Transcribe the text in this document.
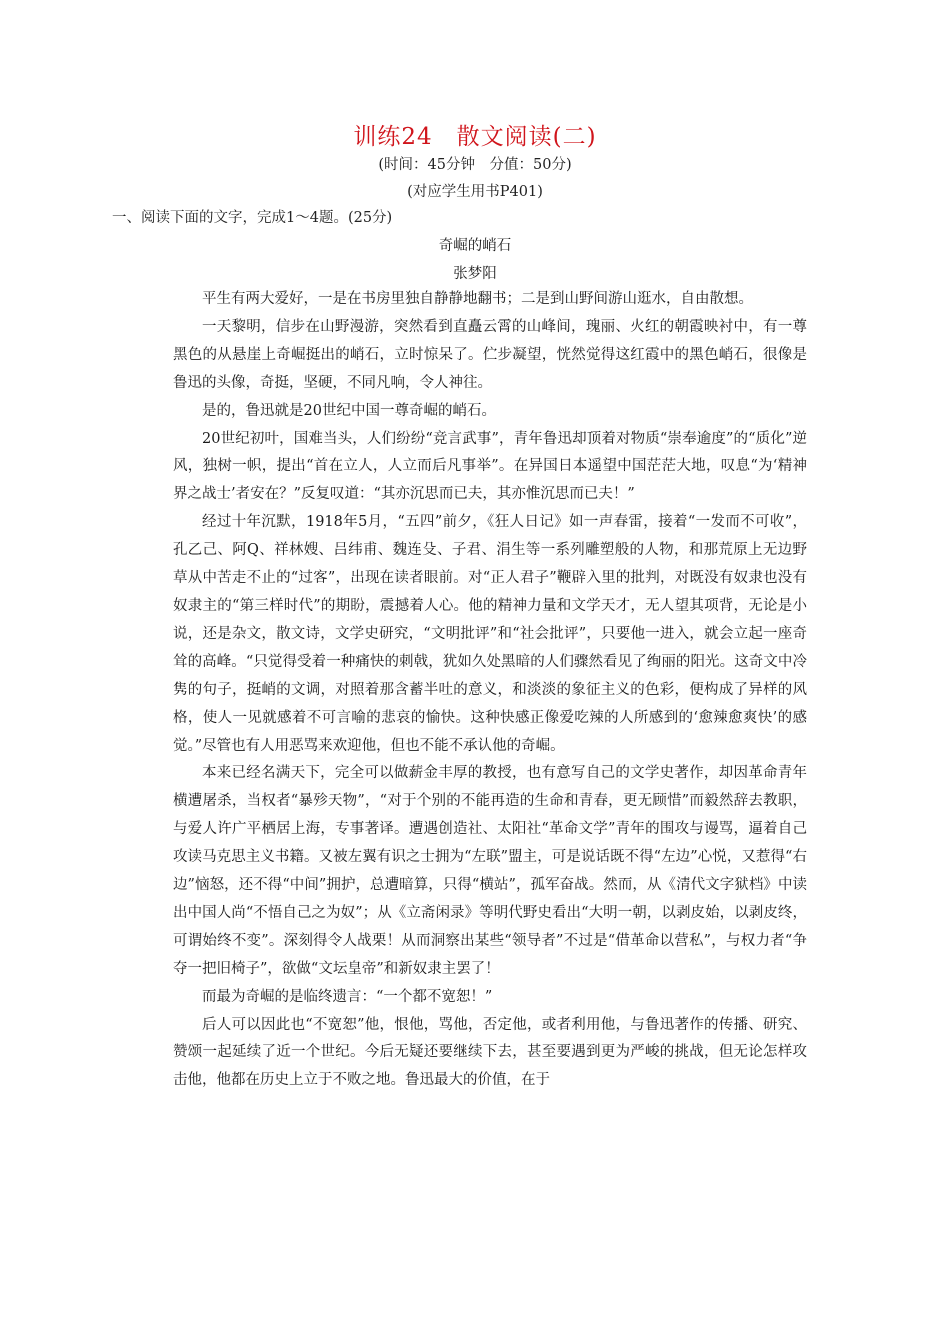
训练24　散文阅读(二)
(时间：45分钟　分值：50分)
(对应学生用书P401)
一、阅读下面的文字，完成1～4题。(25分)
奇崛的峭石
张梦阳

平生有两大爱好，一是在书房里独自静静地翻书；二是到山野间游山逛水，自由散想。

一天黎明，信步在山野漫游，突然看到直矗云霄的山峰间，瑰丽、火红的朝霞映衬中，有一尊黑色的从悬崖上奇崛挺出的峭石，立时惊呆了。伫步凝望，恍然觉得这红霞中的黑色峭石，很像是鲁迅的头像，奇挺，坚硬，不同凡响，令人神往。

是的，鲁迅就是20世纪中国一尊奇崛的峭石。

20世纪初叶，国难当头，人们纷纷“竞言武事”，青年鲁迅却顶着对物质“崇奉逾度”的“质化”逆风，独树一帜，提出“首在立人，人立而后凡事举”。在异国日本遥望中国茫茫大地，叹息“为‘精神界之战士’者安在？”反复叹道：“其亦沉思而已夫，其亦惟沉思而已夫！”

经过十年沉默，1918年5月，“五四”前夕，《狂人日记》如一声春雷，接着“一发而不可收”，孔乙己、阿Q、祥林嫂、吕纬甫、魏连殳、子君、涓生等一系列雕塑般的人物，和那荒原上无边野草从中苦走不止的“过客”，出现在读者眼前。对“正人君子”鞭辟入里的批判，对既没有奴隶也没有奴隶主的“第三样时代”的期盼，震撼着人心。他的精神力量和文学天才，无人望其项背，无论是小说，还是杂文，散文诗，文学史研究，“文明批评”和“社会批评”，只要他一进入，就会立起一座奇耸的高峰。“只觉得受着一种痛快的刺戟，犹如久处黑暗的人们骤然看见了绚丽的阳光。这奇文中冷隽的句子，挺峭的文调，对照着那含蓄半吐的意义，和淡淡的象征主义的色彩，便构成了异样的风格，使人一见就感着不可言喻的悲哀的愉快。这种快感正像爱吃辣的人所感到的‘愈辣愈爽快’的感觉。”尽管也有人用恶骂来欢迎他，但也不能不承认他的奇崛。

本来已经名满天下，完全可以做薪金丰厚的教授，也有意写自己的文学史著作，却因革命青年横遭屠杀，当权者“暴殄天物”，“对于个别的不能再造的生命和青春，更无顾惜”而毅然辞去教职，与爱人许广平栖居上海，专事著译。遭遇创造社、太阳社“革命文学”青年的围攻与谩骂，逼着自己攻读马克思主义书籍。又被左翼有识之士拥为“左联”盟主，可是说话既不得“左边”心悦，又惹得“右边”恼怒，还不得“中间”拥护，总遭暗算，只得“横站”，孤军奋战。然而，从《清代文字狱档》中读出中国人尚“不悟自己之为奴”；从《立斋闲录》等明代野史看出“大明一朝，以剥皮始，以剥皮终，可谓始终不变”。深刻得令人战栗！从而洞察出某些“领导者”不过是“借革命以营私”，与权力者“争夺一把旧椅子”，欲做“文坛皇帝”和新奴隶主罢了！

而最为奇崛的是临终遗言：“一个都不宽恕！”

后人可以因此也“不宽恕”他，恨他，骂他，否定他，或者利用他，与鲁迅著作的传播、研究、赞颂一起延续了近一个世纪。今后无疑还要继续下去，甚至要遇到更为严峻的挑战，但无论怎样攻击他，他都在历史上立于不败之地。鲁迅最大的价值，在于
